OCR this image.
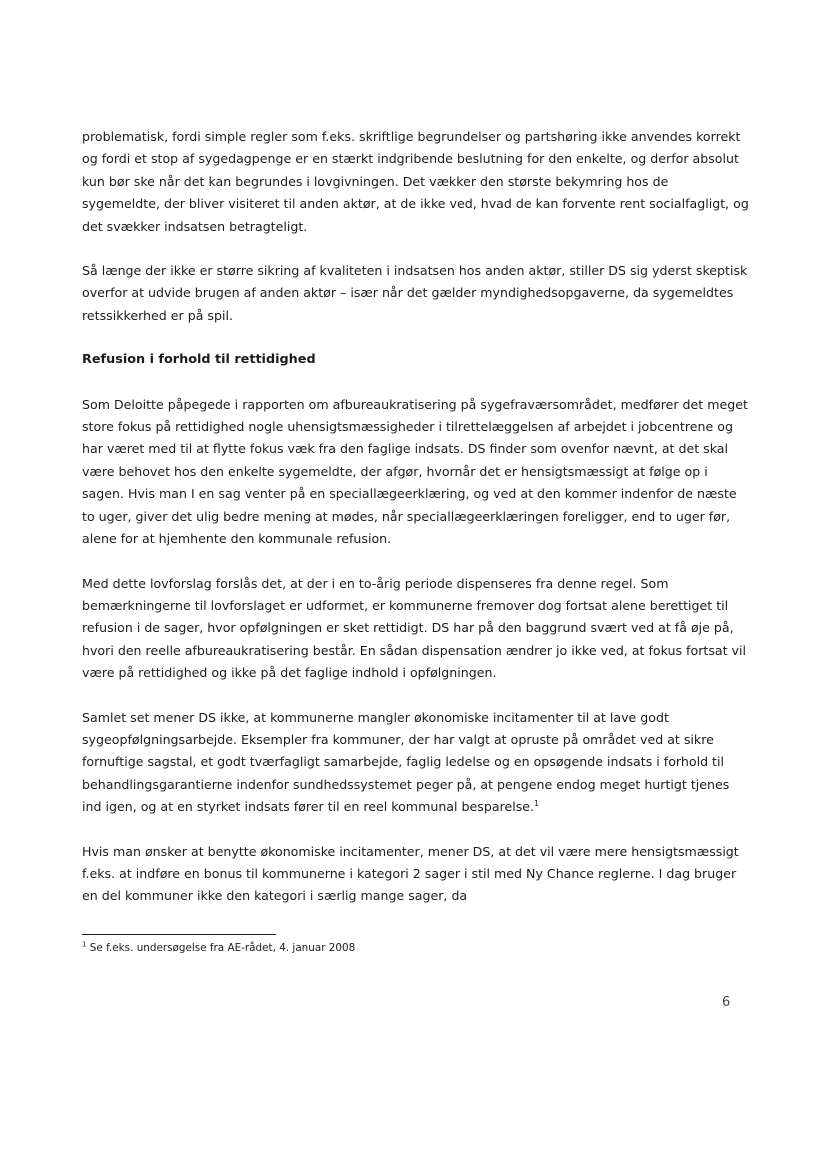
problematisk, fordi simple regler som f.eks. skriftlige begrundelser og partshøring ikke anvendes korrekt og fordi et stop af sygedagpenge er en stærkt indgribende beslutning for den enkelte, og derfor absolut kun bør ske når det kan begrundes i lovgivningen. Det vækker den største bekymring hos de sygemeldte, der bliver visiteret til anden aktør, at de ikke ved, hvad de kan forvente rent socialfagligt, og det svækker indsatsen betragteligt.

Så længe der ikke er større sikring af kvaliteten i indsatsen hos anden aktør, stiller DS sig yderst skeptisk overfor at udvide brugen af anden aktør – især når det gælder myndighedsopgaverne, da sygemeldtes retssikkerhed er på spil.

Refusion i forhold til rettidighed

Som Deloitte påpegede i rapporten om afbureaukratisering på sygefraværsområdet, medfører det meget store fokus på rettidighed nogle uhensigtsmæssigheder i tilrettelæggelsen af arbejdet i jobcentrene og har været med til at flytte fokus væk fra den faglige indsats. DS finder som ovenfor nævnt, at det skal være behovet hos den enkelte sygemeldte, der afgør, hvornår det er hensigtsmæssigt at følge op i sagen. Hvis man I en sag venter på en speciallægeerklæring, og ved at den kommer indenfor de næste to uger, giver det ulig bedre mening at mødes, når speciallægeerklæringen foreligger, end to uger før, alene for at hjemhente den kommunale refusion.

Med dette lovforslag forslås det, at der i en to-årig periode dispenseres fra denne regel. Som bemærkningerne til lovforslaget er udformet, er kommunerne fremover dog fortsat alene berettiget til refusion i de sager, hvor opfølgningen er sket rettidigt. DS har på den baggrund svært ved at få øje på, hvori den reelle afbureaukratisering består. En sådan dispensation ændrer jo ikke ved, at fokus fortsat vil være på rettidighed og ikke på det faglige indhold i opfølgningen.

Samlet set mener DS ikke, at kommunerne mangler økonomiske incitamenter til at lave godt sygeopfølgningsarbejde. Eksempler fra kommuner, der har valgt at opruste på området ved at sikre fornuftige sagstal, et godt tværfagligt samarbejde, faglig ledelse og en opsøgende indsats i forhold til behandlingsgarantierne indenfor sundhedssystemet peger på, at pengene endog meget hurtigt tjenes ind igen, og at en styrket indsats fører til en reel kommunal besparelse.$^1$

Hvis man ønsker at benytte økonomiske incitamenter, mener DS, at det vil være mere hensigtsmæssigt f.eks. at indføre en bonus til kommunerne i kategori 2 sager i stil med Ny Chance reglerne. I dag bruger en del kommuner ikke den kategori i særlig mange sager, da

$^1$ Se f.eks. undersøgelse fra AE-rådet, 4. januar 2008
6
